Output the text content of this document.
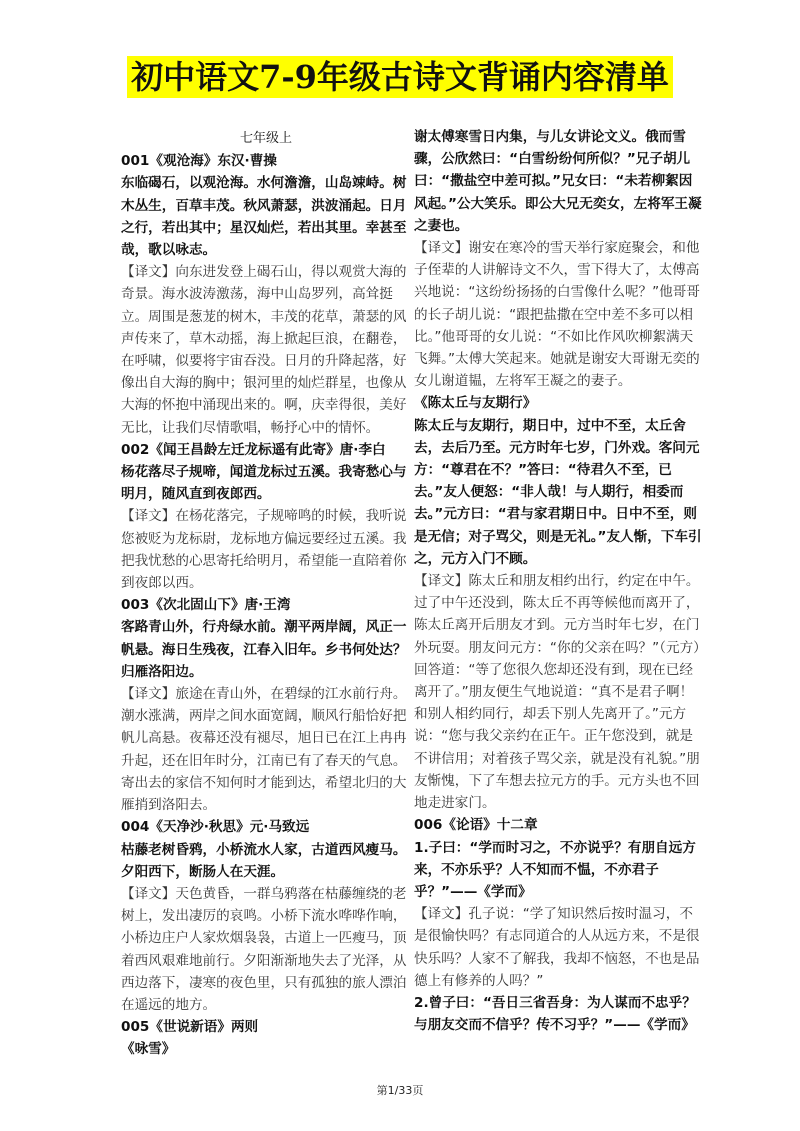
初中语文7-9年级古诗文背诵内容清单
七年级上
001《观沧海》东汉·曹操
东临碣石，以观沧海。水何澹澹，山岛竦峙。树木丛生，百草丰茂。秋风萧瑟，洪波涌起。日月之行，若出其中；星汉灿烂，若出其里。幸甚至哉，歌以咏志。
【译文】向东进发登上碣石山，得以观赏大海的奇景。海水波涛激荡，海中山岛罗列，高耸挺立。周围是葱茏的树木，丰茂的花草，萧瑟的风声传来了，草木动摇，海上掀起巨浪，在翻卷，在呼啸，似要将宇宙吞没。日月的升降起落，好像出自大海的胸中；银河里的灿烂群星，也像从大海的怀抱中涌现出来的。啊，庆幸得很，美好无比，让我们尽情歌唱，畅抒心中的情怀。
002《闻王昌龄左迁龙标遥有此寄》唐·李白
杨花落尽子规啼，闻道龙标过五溪。我寄愁心与明月，随风直到夜郎西。
【译文】在杨花落完，子规啼鸣的时候，我听说您被贬为龙标尉，龙标地方偏远要经过五溪。我把我忧愁的心思寄托给明月，希望能一直陪着你到夜郎以西。
003《次北固山下》唐·王湾
客路青山外，行舟绿水前。潮平两岸阔，风正一帆悬。海日生残夜，江春入旧年。乡书何处达？归雁洛阳边。
【译文】旅途在青山外，在碧绿的江水前行舟。潮水涨满，两岸之间水面宽阔，顺风行船恰好把帆儿高悬。夜幕还没有褪尽，旭日已在江上冉冉升起，还在旧年时分，江南已有了春天的气息。寄出去的家信不知何时才能到达，希望北归的大雁捎到洛阳去。
004《天净沙·秋思》元·马致远
枯藤老树昏鸦，小桥流水人家，古道西风瘦马。夕阳西下，断肠人在天涯。
【译文】天色黄昏，一群乌鸦落在枯藤缠绕的老树上，发出凄厉的哀鸣。小桥下流水哗哗作响，小桥边庄户人家炊烟袅袅，古道上一匹瘦马，顶着西风艰难地前行。夕阳渐渐地失去了光泽，从西边落下，凄寒的夜色里，只有孤独的旅人漂泊在遥远的地方。
005《世说新语》两则
《咏雪》
谢太傅寒雪日内集，与儿女讲论文义。俄而雪骤，公欣然曰：“白雪纷纷何所似？”兄子胡儿曰：“撒盐空中差可拟。”兄女曰：“未若柳絮因风起。”公大笑乐。即公大兄无奕女，左将军王凝之妻也。
【译文】谢安在寒冷的雪天举行家庭聚会，和他子侄辈的人讲解诗文不久，雪下得大了，太傅高兴地说：“这纷纷扬扬的白雪像什么呢？”他哥哥的长子胡儿说：“跟把盐撒在空中差不多可以相比。”他哥哥的女儿说：“不如比作风吹柳絮满天飞舞。”太傅大笑起来。她就是谢安大哥谢无奕的女儿谢道韫，左将军王凝之的妻子。
《陈太丘与友期行》
陈太丘与友期行，期日中，过中不至，太丘舍去，去后乃至。元方时年七岁，门外戏。客问元方：“尊君在不？”答曰：“待君久不至，已去。”友人便怒：“非人哉！与人期行，相委而去。”元方曰：“君与家君期日中。日中不至，则是无信；对子骂父，则是无礼。”友人惭，下车引之，元方入门不顾。
【译文】陈太丘和朋友相约出行，约定在中午。过了中午还没到，陈太丘不再等候他而离开了，陈太丘离开后朋友才到。元方当时年七岁，在门外玩耍。朋友问元方：“你的父亲在吗？”（元方）回答道：“等了您很久您却还没有到，现在已经离开了。”朋友便生气地说道：“真不是君子啊！和别人相约同行，却丢下别人先离开了。”元方说：“您与我父亲约在正午。正午您没到，就是不讲信用；对着孩子骂父亲，就是没有礼貌。”朋友惭愧，下了车想去拉元方的手。元方头也不回地走进家门。
006《论语》十二章
1.子曰：“学而时习之，不亦说乎？有朋自远方来，不亦乐乎？人不知而不愠，不亦君子乎？”——《学而》
【译文】孔子说：“学了知识然后按时温习，不是很愉快吗？有志同道合的人从远方来，不是很快乐吗？人家不了解我，我却不恼怒，不也是品德上有修养的人吗？”
2.曾子曰：“吾日三省吾身：为人谋而不忠乎？与朋友交而不信乎？传不习乎？”——《学而》
第1/33页
